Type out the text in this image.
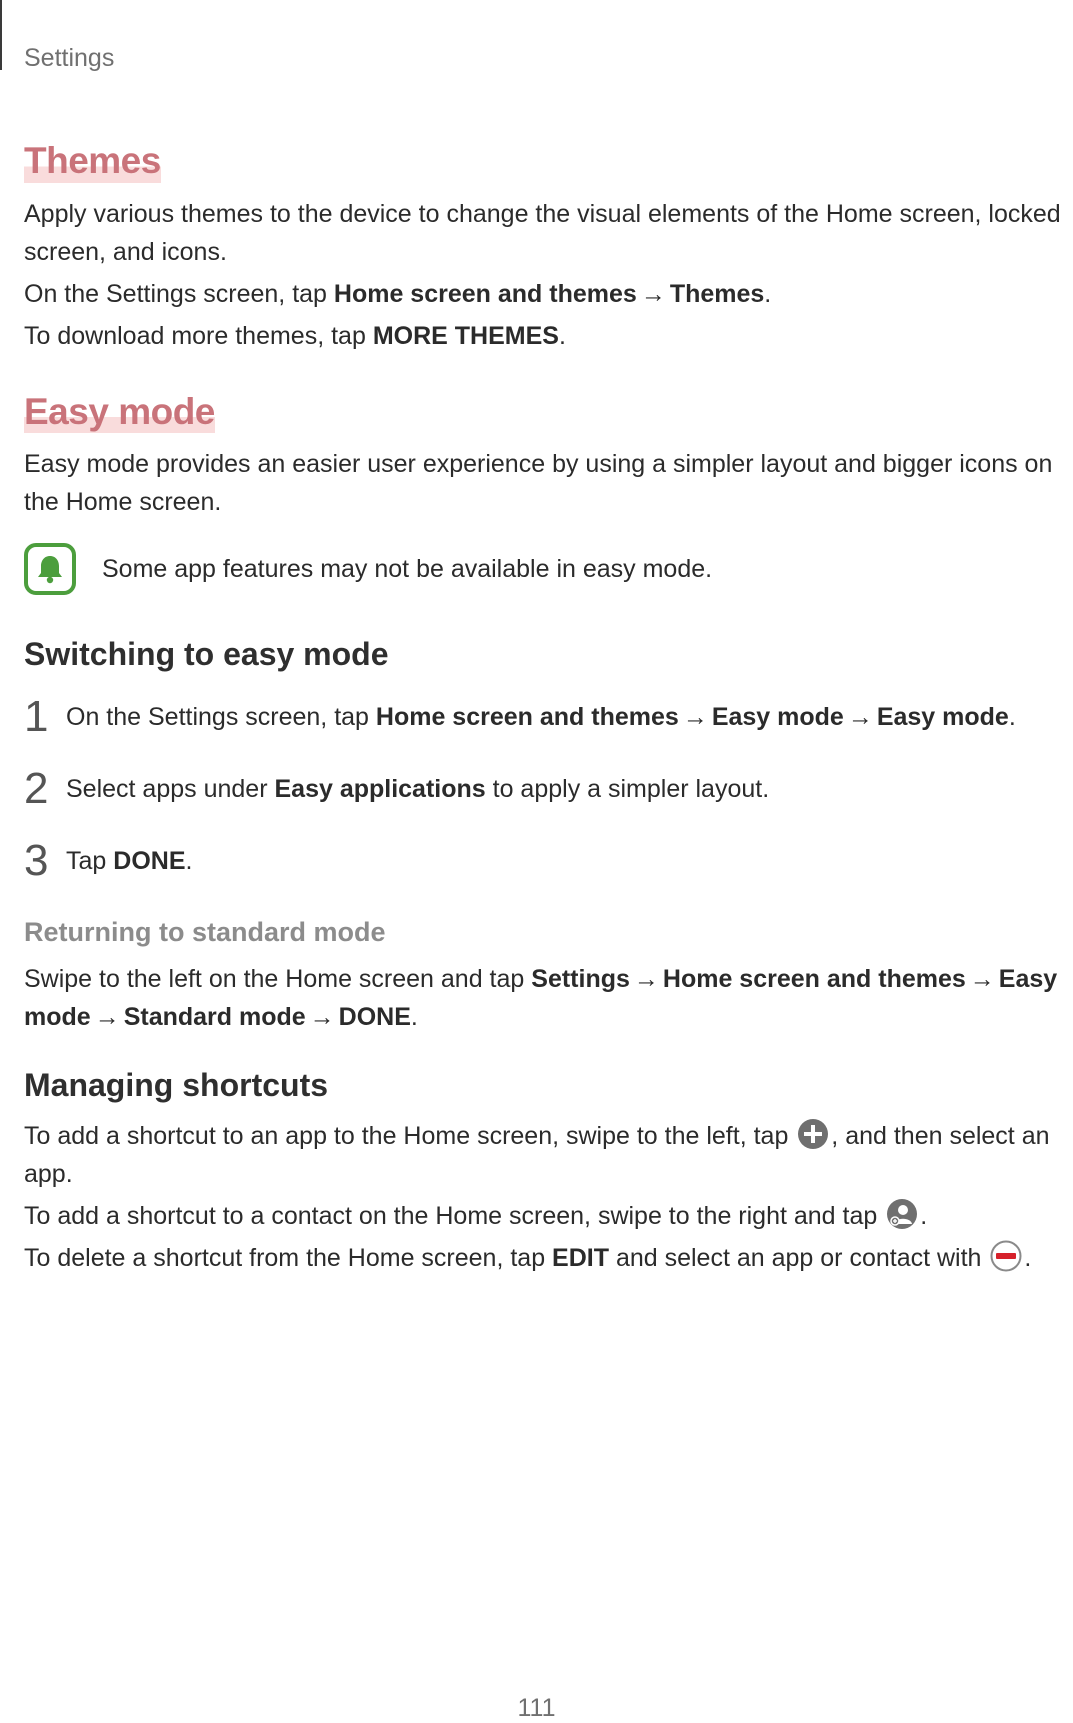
Settings
Themes

Apply various themes to the device to change the visual elements of the Home screen, locked screen, and icons.

On the Settings screen, tap Home screen and themes → Themes.

To download more themes, tap MORE THEMES.

Easy mode

Easy mode provides an easier user experience by using a simpler layout and bigger icons on the Home screen.

Some app features may not be available in easy mode.

Switching to easy mode
1 On the Settings screen, tap Home screen and themes → Easy mode → Easy mode.

2 Select apps under Easy applications to apply a simpler layout.

3 Tap DONE.

Returning to standard mode

Swipe to the left on the Home screen and tap Settings → Home screen and themes → Easy mode → Standard mode → DONE.

Managing shortcuts

To add a shortcut to an app to the Home screen, swipe to the left, tap , and then select an app.

To add a shortcut to a contact on the Home screen, swipe to the right and tap .

To delete a shortcut from the Home screen, tap EDIT and select an app or contact with .

111
